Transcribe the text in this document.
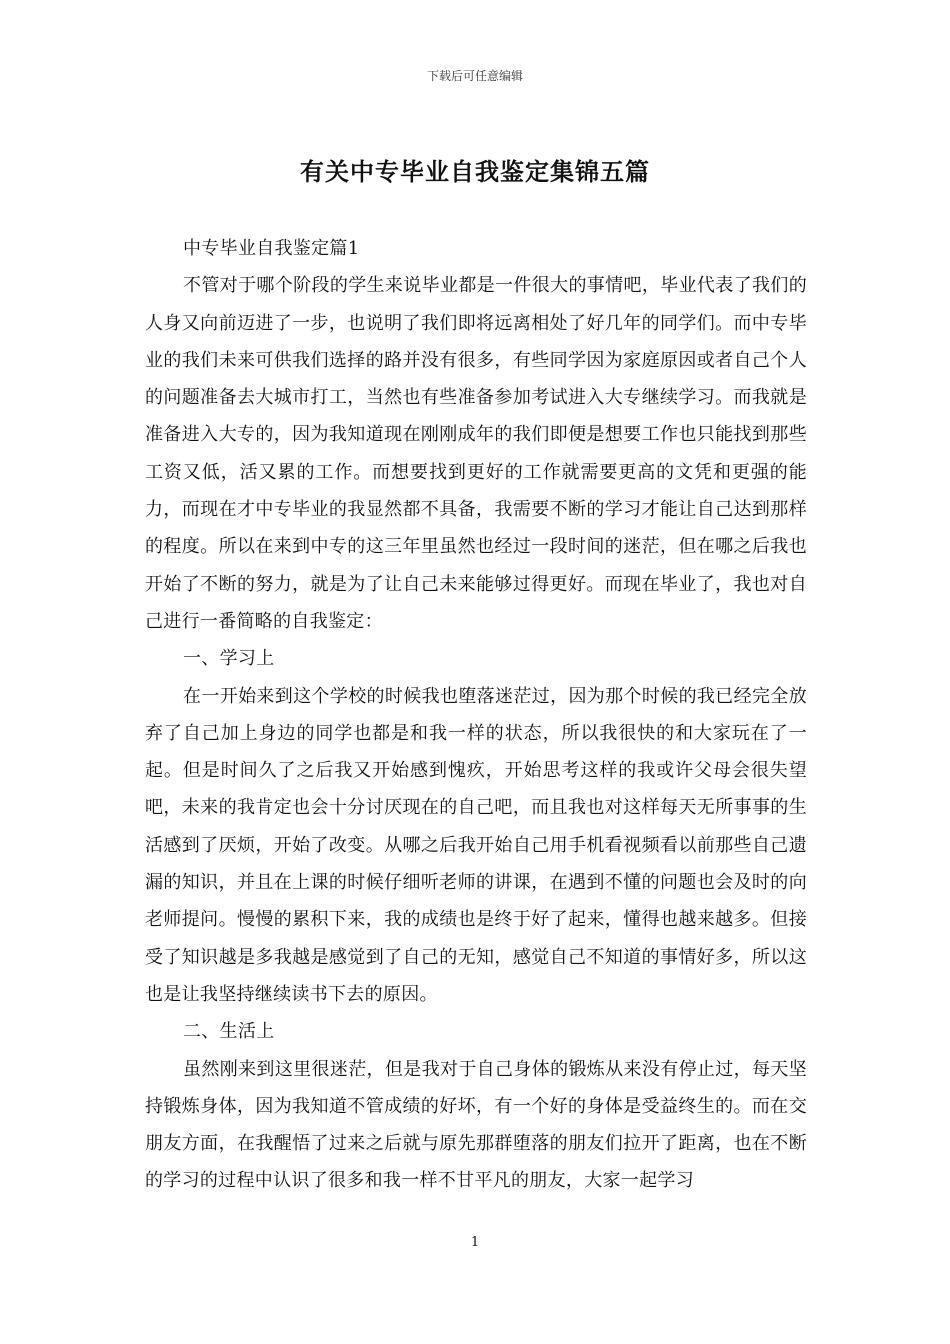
下载后可任意编辑
有关中专毕业自我鉴定集锦五篇

中专毕业自我鉴定篇1

不管对于哪个阶段的学生来说毕业都是一件很大的事情吧，毕业代表了我们的人身又向前迈进了一步，也说明了我们即将远离相处了好几年的同学们。而中专毕业的我们未来可供我们选择的路并没有很多，有些同学因为家庭原因或者自己个人的问题准备去大城市打工，当然也有些准备参加考试进入大专继续学习。而我就是准备进入大专的，因为我知道现在刚刚成年的我们即便是想要工作也只能找到那些工资又低，活又累的工作。而想要找到更好的工作就需要更高的文凭和更强的能力，而现在才中专毕业的我显然都不具备，我需要不断的学习才能让自己达到那样的程度。所以在来到中专的这三年里虽然也经过一段时间的迷茫，但在哪之后我也开始了不断的努力，就是为了让自己未来能够过得更好。而现在毕业了，我也对自己进行一番简略的自我鉴定：

一、学习上

在一开始来到这个学校的时候我也堕落迷茫过，因为那个时候的我已经完全放弃了自己加上身边的同学也都是和我一样的状态，所以我很快的和大家玩在了一起。但是时间久了之后我又开始感到愧疚，开始思考这样的我或许父母会很失望吧，未来的我肯定也会十分讨厌现在的自己吧，而且我也对这样每天无所事事的生活感到了厌烦，开始了改变。从哪之后我开始自己用手机看视频看以前那些自己遗漏的知识，并且在上课的时候仔细听老师的讲课，在遇到不懂的问题也会及时的向老师提问。慢慢的累积下来，我的成绩也是终于好了起来，懂得也越来越多。但接受了知识越是多我越是感觉到了自己的无知，感觉自己不知道的事情好多，所以这也是让我坚持继续读书下去的原因。

二、生活上

虽然刚来到这里很迷茫，但是我对于自己身体的锻炼从来没有停止过，每天坚持锻炼身体，因为我知道不管成绩的好坏，有一个好的身体是受益终生的。而在交朋友方面，在我醒悟了过来之后就与原先那群堕落的朋友们拉开了距离，也在不断的学习的过程中认识了很多和我一样不甘平凡的朋友，大家一起学习

1
